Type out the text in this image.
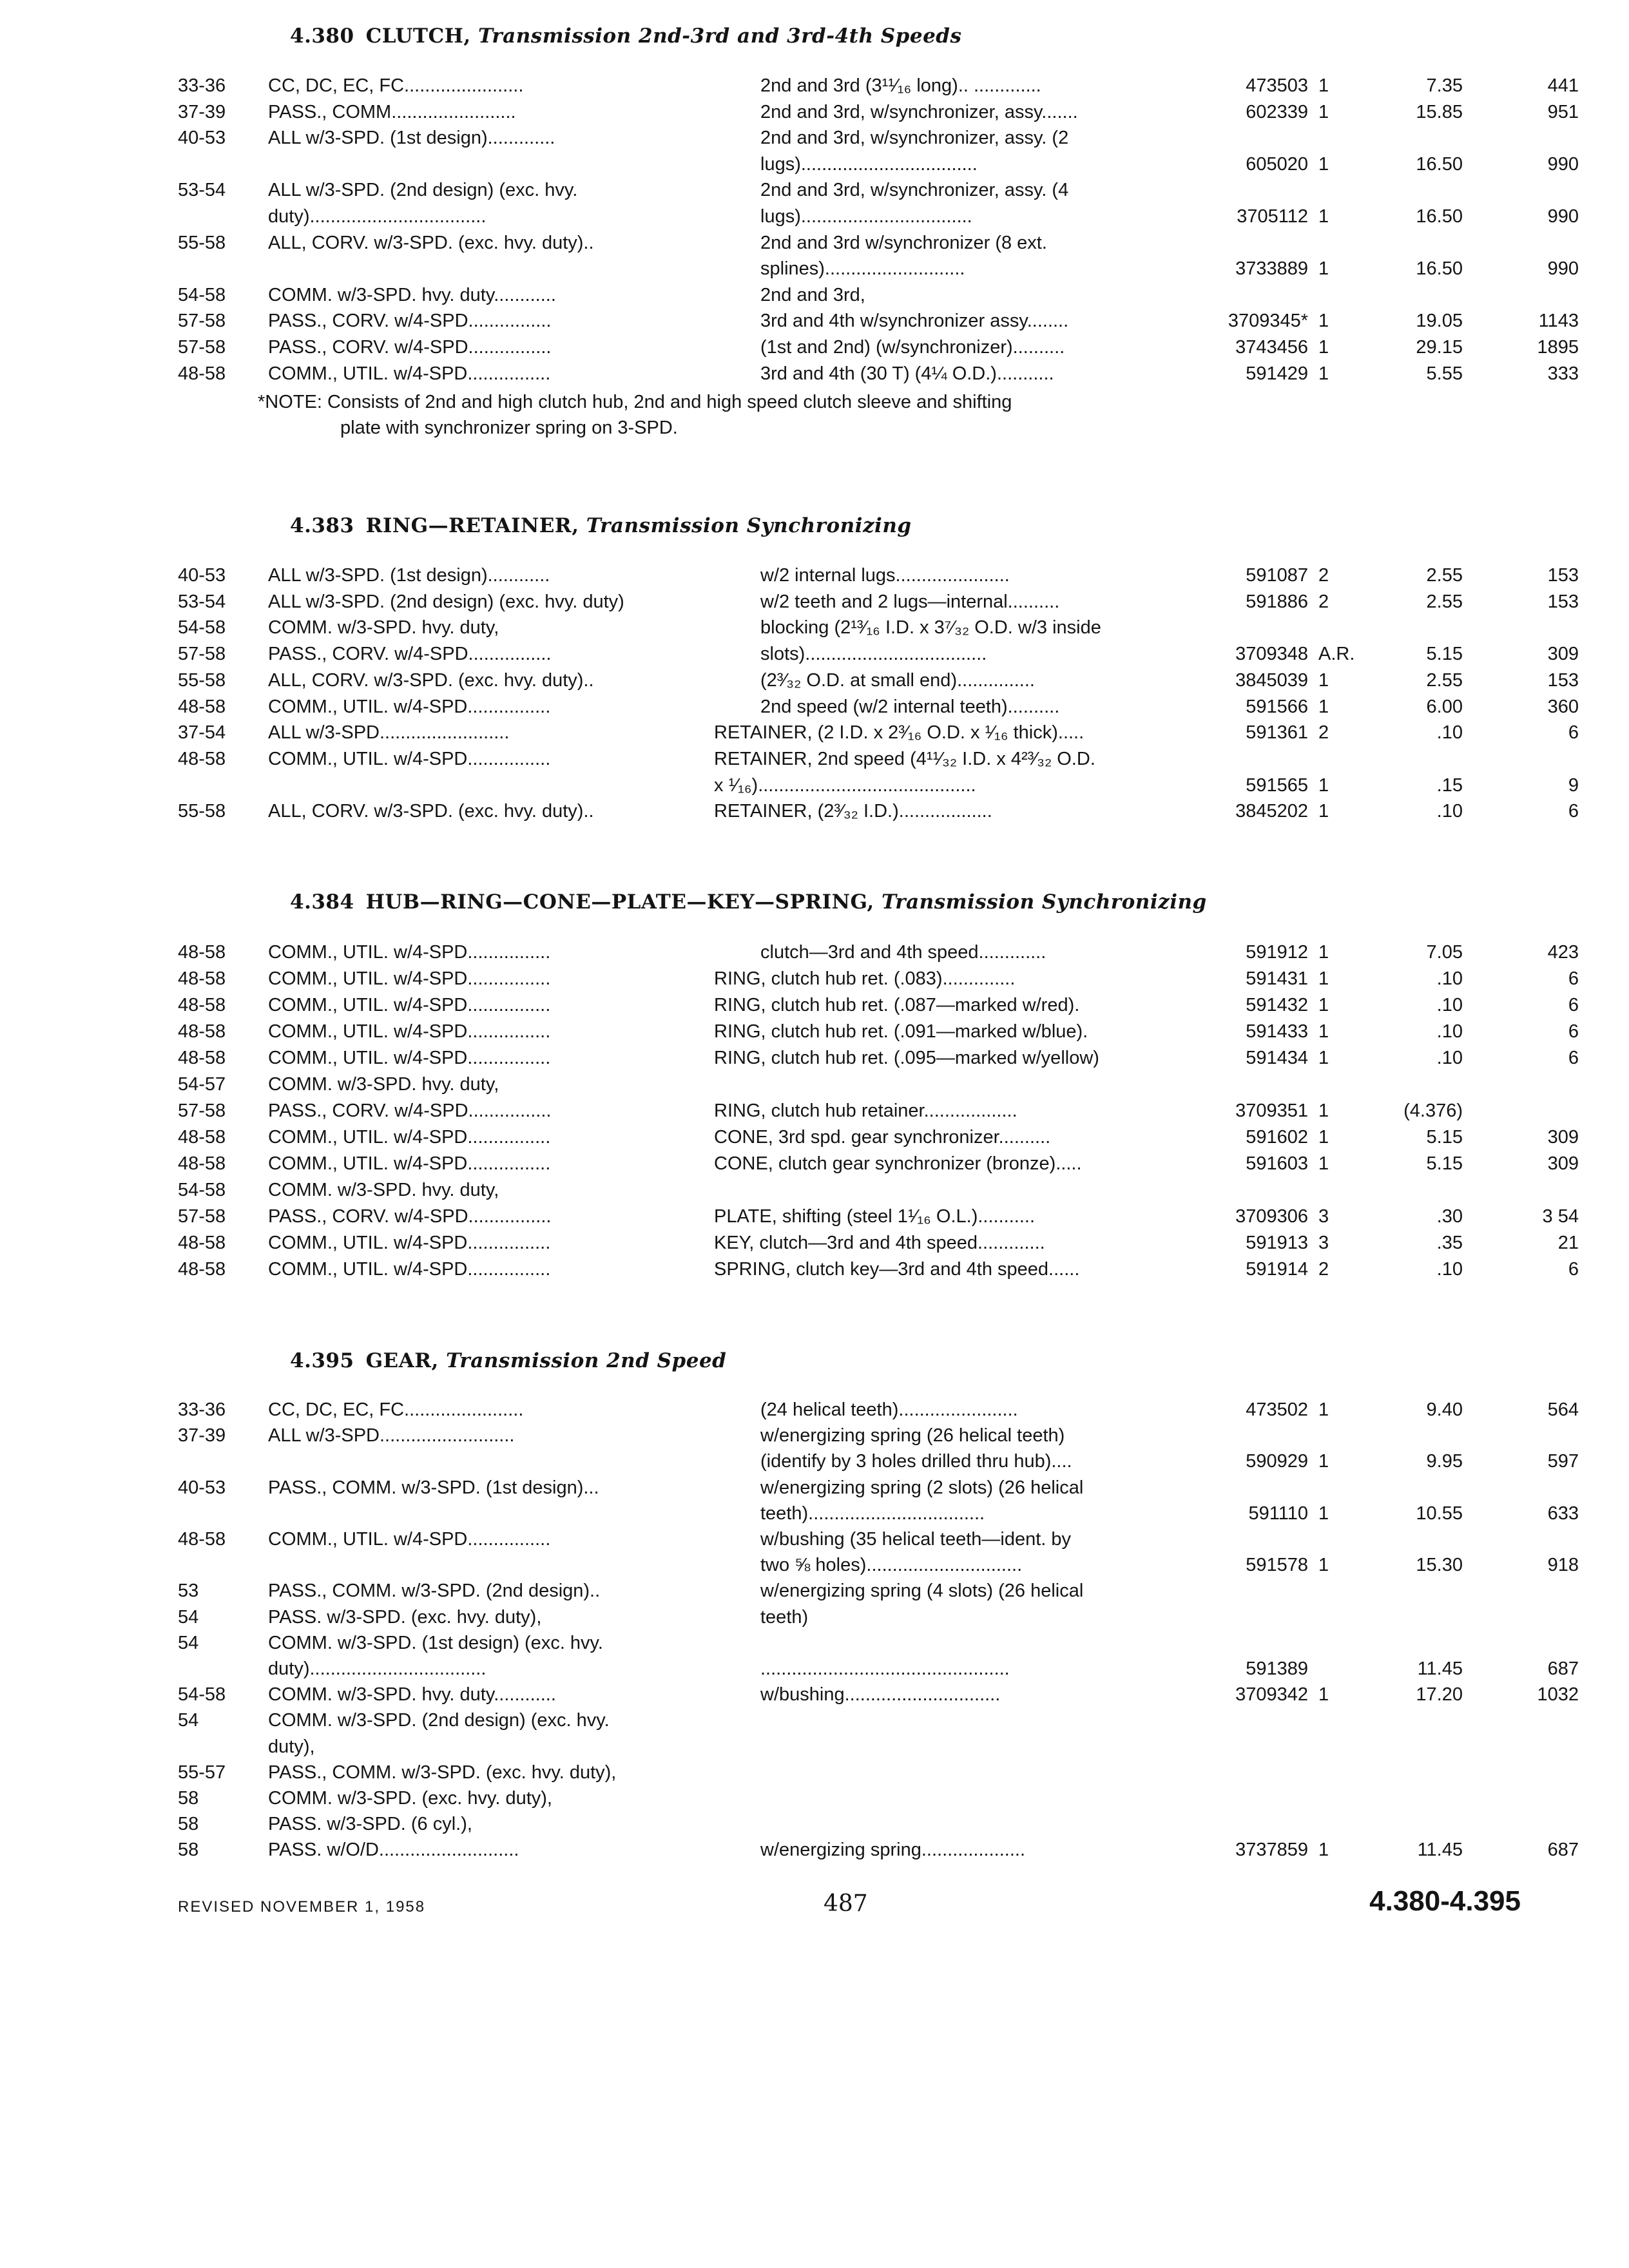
4.380 CLUTCH, Transmission 2nd-3rd and 3rd-4th Speeds
33-36	CC, DC, EC, FC.......................	2nd and 3rd (3¹¹⁄₁₆ long).. .............	473503 1	7.35	441
37-39	PASS., COMM........................	2nd and 3rd, w/synchronizer, assy.......	602339 1	15.85	951
40-53	ALL w/3-SPD. (1st design).............	2nd and 3rd, w/synchronizer, assy. (2
lugs)..................................	605020 1	16.50	990
53-54	ALL w/3-SPD. (2nd design) (exc. hvy.	2nd and 3rd, w/synchronizer, assy. (4
duty)..................................	lugs).................................	3705112 1	16.50	990
55-58	ALL, CORV. w/3-SPD. (exc. hvy. duty)..	2nd and 3rd w/synchronizer (8 ext.
splines)...........................	3733889 1	16.50	990
54-58	COMM. w/3-SPD. hvy. duty............	2nd and 3rd,
57-58	PASS., CORV. w/4-SPD................	3rd and 4th w/synchronizer assy........	3709345* 1	19.05	1143
57-58	PASS., CORV. w/4-SPD................	(1st and 2nd) (w/synchronizer)..........	3743456 1	29.15	1895
48-58	COMM., UTIL. w/4-SPD................	3rd and 4th (30 T) (4¼ O.D.)...........	591429 1	5.55	333
*NOTE: Consists of 2nd and high clutch hub, 2nd and high speed clutch sleeve and shifting
plate with synchronizer spring on 3-SPD.
4.383 RING—RETAINER, Transmission Synchronizing
40-53	ALL w/3-SPD. (1st design)............	w/2 internal lugs......................	591087 2	2.55	153
53-54	ALL w/3-SPD. (2nd design) (exc. hvy. duty)	w/2 teeth and 2 lugs—internal..........	591886 2	2.55	153
54-58	COMM. w/3-SPD. hvy. duty,	blocking (2¹³⁄₁₆ I.D. x 3⁷⁄₃₂ O.D. w/3 inside
57-58	PASS., CORV. w/4-SPD................	slots)...................................	3709348 A.R.	5.15	309
55-58	ALL, CORV. w/3-SPD. (exc. hvy. duty)..	(2³⁄₃₂ O.D. at small end)...............	3845039 1	2.55	153
48-58	COMM., UTIL. w/4-SPD................	2nd speed (w/2 internal teeth)..........	591566 1	6.00	360
37-54	ALL w/3-SPD.........................	RETAINER, (2 I.D. x 2³⁄₁₆ O.D. x ¹⁄₁₆ thick).....	591361 2	.10	6
48-58	COMM., UTIL. w/4-SPD................	RETAINER, 2nd speed (4¹¹⁄₃₂ I.D. x 4²³⁄₃₂ O.D.
x ¹⁄₁₆)..........................................	591565 1	.15	9
55-58	ALL, CORV. w/3-SPD. (exc. hvy. duty)..	RETAINER, (2³⁄₃₂ I.D.)..................	3845202 1	.10	6
4.384 HUB—RING—CONE—PLATE—KEY—SPRING, Transmission Synchronizing
48-58	COMM., UTIL. w/4-SPD................	clutch—3rd and 4th speed.............	591912 1	7.05	423
48-58	COMM., UTIL. w/4-SPD................	RING, clutch hub ret. (.083)..............	591431 1	.10	6
48-58	COMM., UTIL. w/4-SPD................	RING, clutch hub ret. (.087—marked w/red).	591432 1	.10	6
48-58	COMM., UTIL. w/4-SPD................	RING, clutch hub ret. (.091—marked w/blue).	591433 1	.10	6
48-58	COMM., UTIL. w/4-SPD................	RING, clutch hub ret. (.095—marked w/yellow)	591434 1	.10	6
54-57	COMM. w/3-SPD. hvy. duty,
57-58	PASS., CORV. w/4-SPD................	RING, clutch hub retainer..................	3709351 1	(4.376)
48-58	COMM., UTIL. w/4-SPD................	CONE, 3rd spd. gear synchronizer..........	591602 1	5.15	309
48-58	COMM., UTIL. w/4-SPD................	CONE, clutch gear synchronizer (bronze).....	591603 1	5.15	309
54-58	COMM. w/3-SPD. hvy. duty,
57-58	PASS., CORV. w/4-SPD................	PLATE, shifting (steel 1¹⁄₁₆ O.L.)...........	3709306 3	.30	3 54
48-58	COMM., UTIL. w/4-SPD................	KEY, clutch—3rd and 4th speed.............	591913 3	.35	21
48-58	COMM., UTIL. w/4-SPD................	SPRING, clutch key—3rd and 4th speed......	591914 2	.10	6
4.395 GEAR, Transmission 2nd Speed
33-36	CC, DC, EC, FC.......................	(24 helical teeth).......................	473502 1	9.40	564
37-39	ALL w/3-SPD..........................	w/energizing spring (26 helical teeth)
(identify by 3 holes drilled thru hub)....	590929 1	9.95	597
40-53	PASS., COMM. w/3-SPD. (1st design)...	w/energizing spring (2 slots) (26 helical
teeth)..................................	591110 1	10.55	633
48-58	COMM., UTIL. w/4-SPD................	w/bushing (35 helical teeth—ident. by
two ⅝ holes)..............................	591578 1	15.30	918
53	PASS., COMM. w/3-SPD. (2nd design)..	w/energizing spring (4 slots) (26 helical
54	PASS. w/3-SPD. (exc. hvy. duty),	teeth)
54	COMM. w/3-SPD. (1st design) (exc. hvy.
duty)..................................	................................................	591389	11.45	687
54-58	COMM. w/3-SPD. hvy. duty............	w/bushing..............................	3709342 1	17.20	1032
54	COMM. w/3-SPD. (2nd design) (exc. hvy.
duty),
55-57	PASS., COMM. w/3-SPD. (exc. hvy. duty),
58	COMM. w/3-SPD. (exc. hvy. duty),
58	PASS. w/3-SPD. (6 cyl.),
58	PASS. w/O/D...........................	w/energizing spring....................	3737859 1	11.45	687
REVISED NOVEMBER 1, 1958	487	4.380-4.395
